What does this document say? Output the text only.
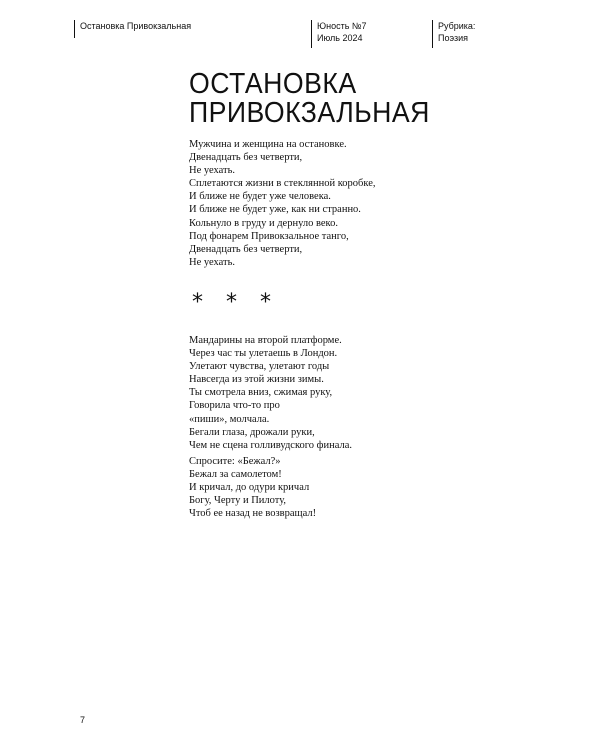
Остановка Привокзальная	Юность №7
Июль 2024
Рубрика:
Поэзия
ОСТАНОВКА
ПРИВОКЗАЛЬНАЯ
Мужчина и женщина на остановке.
Двенадцать без четверти,
Не уехать.
Сплетаются жизни в стеклянной коробке,
И ближе не будет уже человека.
И ближе не будет уже, как ни странно.
Кольнуло в груду и дернуло веко.
Под фонарем Привокзальное танго,
Двенадцать без четверти,
Не уехать.
* * *
Мандарины на второй платформе.
Через час ты улетаешь в Лондон.
Улетают чувства, улетают годы
Навсегда из этой жизни зимы.
Ты смотрела вниз, сжимая руку,
Говорила что-то про
«пиши», молчала.
Бегали глаза, дрожали руки,
Чем не сцена голливудского финала.
Спросите: «Бежал?»
Бежал за самолетом!
И кричал, до одури кричал
Богу, Черту и Пилоту,
Чтоб ее назад не возвращал!
7
